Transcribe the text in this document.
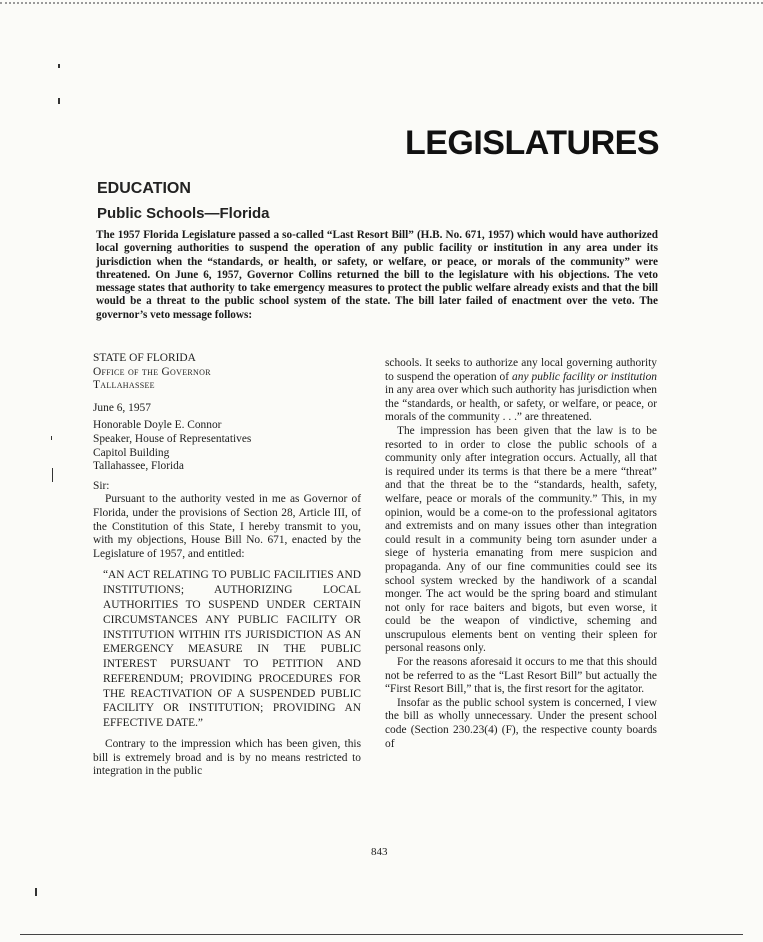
LEGISLATURES
EDUCATION
Public Schools—Florida

The 1957 Florida Legislature passed a so-called “Last Resort Bill” (H.B. No. 671, 1957) which would have authorized local governing authorities to suspend the operation of any public facility or institution in any area under its jurisdiction when the “standards, or health, or safety, or welfare, or peace, or morals of the community” were threatened. On June 6, 1957, Governor Collins returned the bill to the legislature with his objections. The veto message states that authority to take emergency measures to protect the public welfare already exists and that the bill would be a threat to the public school system of the state. The bill later failed of enactment over the veto. The governor’s veto message follows:

STATE OF FLORIDA

Office of the Governor

Tallahassee

June 6, 1957

Honorable Doyle E. Connor

Speaker, House of Representatives

Capitol Building

Tallahassee, Florida

Sir:

Pursuant to the authority vested in me as Governor of Florida, under the provisions of Section 28, Article III, of the Constitution of this State, I hereby transmit to you, with my objections, House Bill No. 671, enacted by the Legislature of 1957, and entitled:

“AN ACT RELATING TO PUBLIC FACILITIES AND INSTITUTIONS; AUTHORIZING LOCAL AUTHORITIES TO SUSPEND UNDER CERTAIN CIRCUMSTANCES ANY PUBLIC FACILITY OR INSTITUTION WITHIN ITS JURISDICTION AS AN EMERGENCY MEASURE IN THE PUBLIC INTEREST PURSUANT TO PETITION AND REFERENDUM; PROVIDING PROCEDURES FOR THE REACTIVATION OF A SUSPENDED PUBLIC FACILITY OR INSTITUTION; PROVIDING AN EFFECTIVE DATE.”

Contrary to the impression which has been given, this bill is extremely broad and is by no means restricted to integration in the public

schools. It seeks to authorize any local governing authority to suspend the operation of any public facility or institution in any area over which such authority has jurisdiction when the “standards, or health, or safety, or welfare, or peace, or morals of the community . . .” are threatened.

The impression has been given that the law is to be resorted to in order to close the public schools of a community only after integration occurs. Actually, all that is required under its terms is that there be a mere “threat” and that the threat be to the “standards, health, safety, welfare, peace or morals of the community.” This, in my opinion, would be a come-on to the professional agitators and extremists and on many issues other than integration could result in a community being torn asunder under a siege of hysteria emanating from mere suspicion and propaganda. Any of our fine communities could see its school system wrecked by the handiwork of a scandal monger. The act would be the spring board and stimulant not only for race baiters and bigots, but even worse, it could be the weapon of vindictive, scheming and unscrupulous elements bent on venting their spleen for personal reasons only.

For the reasons aforesaid it occurs to me that this should not be referred to as the “Last Resort Bill” but actually the “First Resort Bill,” that is, the first resort for the agitator.

Insofar as the public school system is concerned, I view the bill as wholly unnecessary. Under the present school code (Section 230.23(4) (F), the respective county boards of

843
